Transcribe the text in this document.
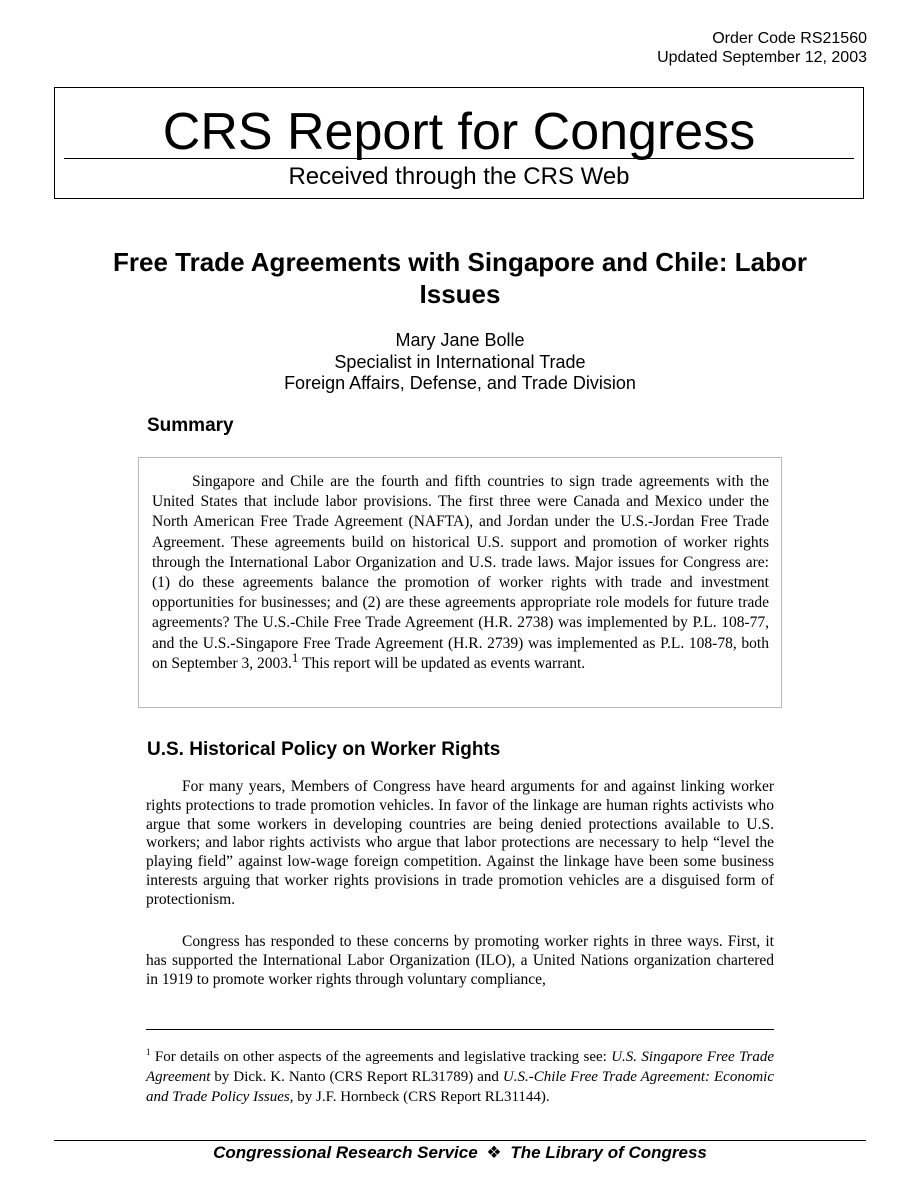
Order Code RS21560
Updated September 12, 2003
CRS Report for Congress
Received through the CRS Web
Free Trade Agreements with Singapore and Chile: Labor Issues
Mary Jane Bolle
Specialist in International Trade
Foreign Affairs, Defense, and Trade Division
Summary

Singapore and Chile are the fourth and fifth countries to sign trade agreements with the United States that include labor provisions. The first three were Canada and Mexico under the North American Free Trade Agreement (NAFTA), and Jordan under the U.S.-Jordan Free Trade Agreement. These agreements build on historical U.S. support and promotion of worker rights through the International Labor Organization and U.S. trade laws. Major issues for Congress are: (1) do these agreements balance the promotion of worker rights with trade and investment opportunities for businesses; and (2) are these agreements appropriate role models for future trade agreements? The U.S.-Chile Free Trade Agreement (H.R. 2738) was implemented by P.L. 108-77, and the U.S.-Singapore Free Trade Agreement (H.R. 2739) was implemented as P.L. 108-78, both on September 3, 2003.$^1$ This report will be updated as events warrant.

U.S. Historical Policy on Worker Rights

For many years, Members of Congress have heard arguments for and against linking worker rights protections to trade promotion vehicles. In favor of the linkage are human rights activists who argue that some workers in developing countries are being denied protections available to U.S. workers; and labor rights activists who argue that labor protections are necessary to help “level the playing field” against low-wage foreign competition. Against the linkage have been some business interests arguing that worker rights provisions in trade promotion vehicles are a disguised form of protectionism.

Congress has responded to these concerns by promoting worker rights in three ways. First, it has supported the International Labor Organization (ILO), a United Nations organization chartered in 1919 to promote worker rights through voluntary compliance,

$^1$ For details on other aspects of the agreements and legislative tracking see: U.S. Singapore Free Trade Agreement by Dick. K. Nanto (CRS Report RL31789) and U.S.-Chile Free Trade Agreement: Economic and Trade Policy Issues, by J.F. Hornbeck (CRS Report RL31144).

Congressional Research Service ❖ The Library of Congress
